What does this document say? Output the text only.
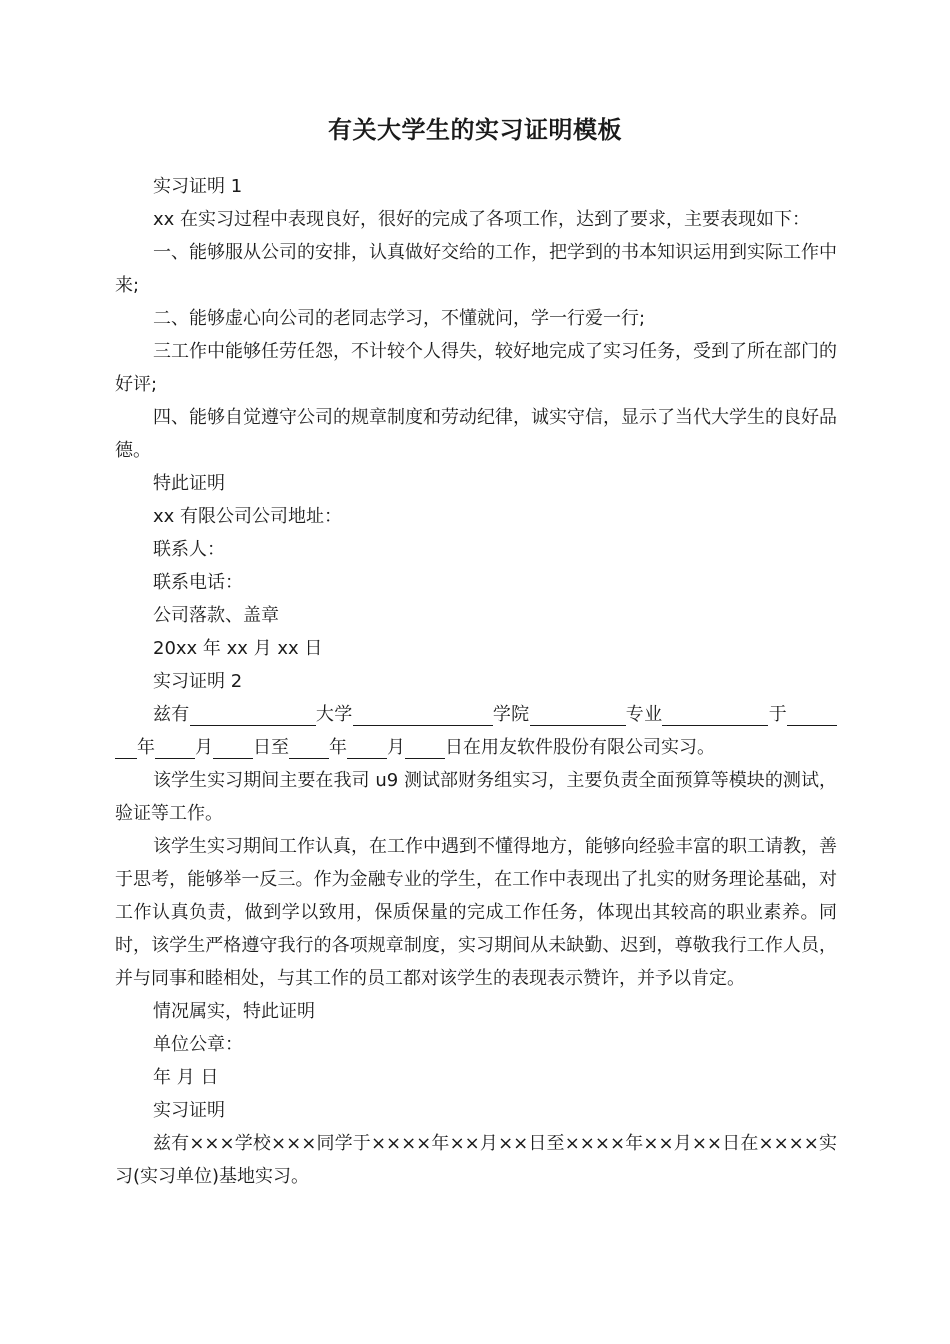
有关大学生的实习证明模板

实习证明 1

xx 在实习过程中表现良好，很好的完成了各项工作，达到了要求，主要表现如下：

一、能够服从公司的安排，认真做好交给的工作，把学到的书本知识运用到实际工作中来;

二、能够虚心向公司的老同志学习，不懂就问，学一行爱一行;

三工作中能够任劳任怨，不计较个人得失，较好地完成了实习任务，受到了所在部门的好评;

四、能够自觉遵守公司的规章制度和劳动纪律，诚实守信，显示了当代大学生的良好品德。

特此证明

xx 有限公司公司地址：

联系人：

联系电话：

公司落款、盖章

20xx 年 xx 月 xx 日

实习证明 2

兹有	大学	学院	专业	于年 月 日至 年 月 日在用友软件股份有限公司实习。

该学生实习期间主要在我司 u9 测试部财务组实习，主要负责全面预算等模块的测试，验证等工作。

该学生实习期间工作认真，在工作中遇到不懂得地方，能够向经验丰富的职工请教，善于思考，能够举一反三。作为金融专业的学生，在工作中表现出了扎实的财务理论基础，对工作认真负责，做到学以致用，保质保量的完成工作任务，体现出其较高的职业素养。同时，该学生严格遵守我行的各项规章制度，实习期间从未缺勤、迟到，尊敬我行工作人员，并与同事和睦相处，与其工作的员工都对该学生的表现表示赞许，并予以肯定。

情况属实，特此证明

单位公章：

年 月 日

实习证明

兹有×××学校×××同学于××××年××月××日至××××年××月××日在××××实习(实习单位)基地实习。
